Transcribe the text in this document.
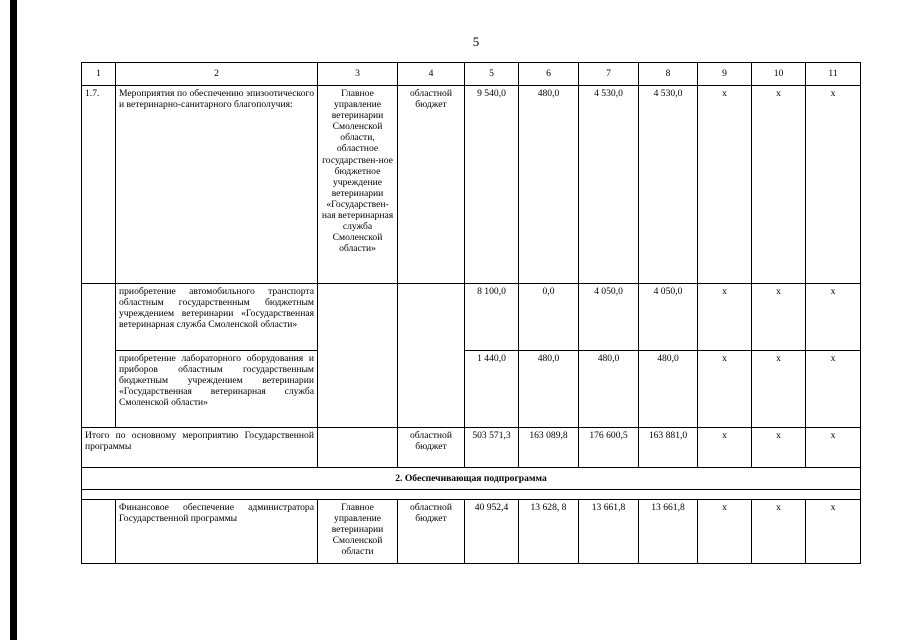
5
1	2	3	4	5	6	7	8	9	10	11
1.7.	Мероприятия по обеспечению эпизоотического и ветеринарно-санитарного благополучия:	Главное управление ветеринарии Смоленской области, областное государствен-ное бюджетное учреждение ветеринарии «Государствен-ная ветеринарная служба Смоленской области»	областной бюджет	9 540,0	480,0	4 530,0	4 530,0	х	х	х
	приобретение автомобильного транспорта областным государственным бюджетным учреждением ветеринарии «Государственная ветеринарная служба Смоленской области»			8 100,0	0,0	4 050,0	4 050,0	х	х	х
	приобретение лабораторного оборудования и приборов областным государственным бюджетным учреждением ветеринарии «Государственная ветеринарная служба Смоленской области»			1 440,0	480,0	480,0	480,0	х	х	х
Итого по основному мероприятию Государственной программы			областной бюджет	503 571,3	163 089,8	176 600,5	163 881,0	х	х	х
2. Обеспечивающая подпрограмма										

	Финансовое обеспечение администратора Государственной программы	Главное управление ветеринарии Смоленской области	областной бюджет	40 952,4	13 628, 8	13 661,8	13 661,8	х	х	х
